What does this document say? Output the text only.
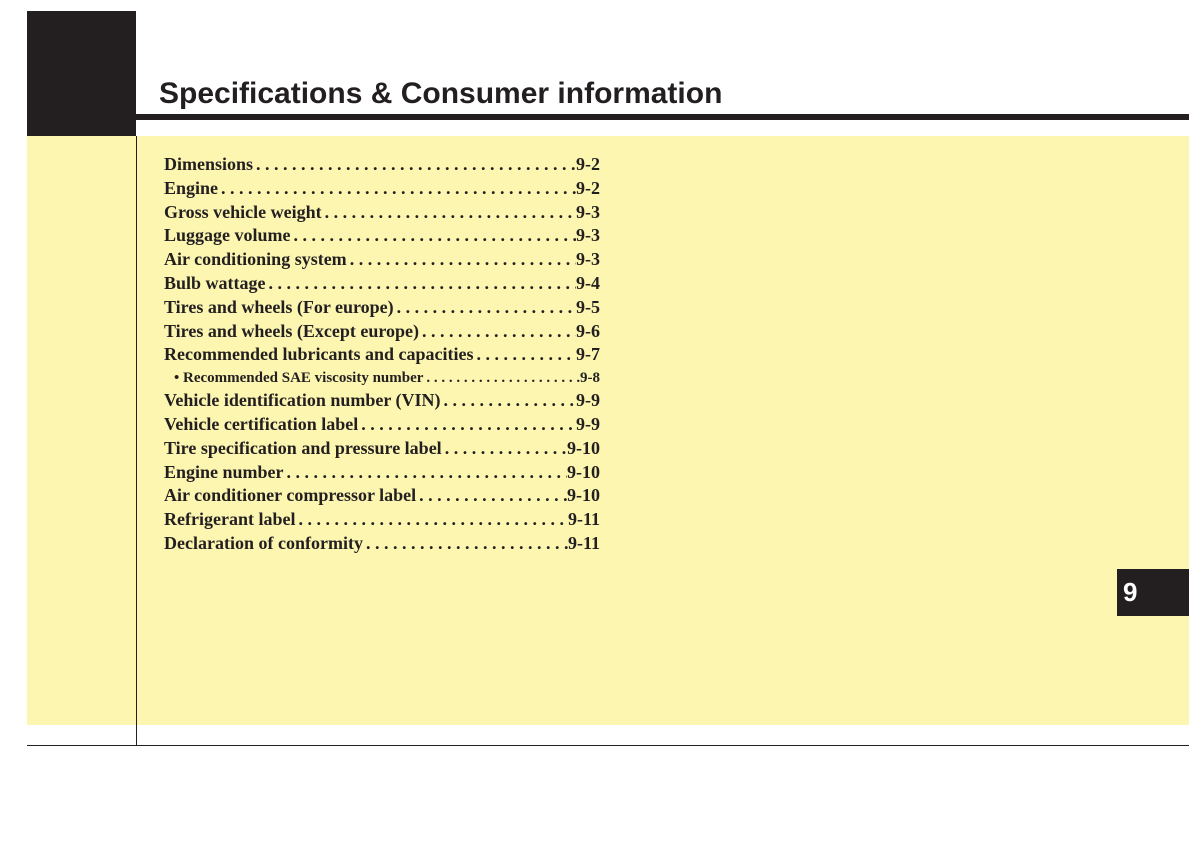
Specifications & Consumer information
9
Dimensions . . .	9-2
Engine . . .	9-2
Gross vehicle weight . . .	9-3
Luggage volume . . .	9-3
Air conditioning system . . .	9-3
Bulb wattage . . .	9-4
Tires and wheels (For europe) . . .	9-5
Tires and wheels (Except europe) . . .	9-6
Recommended lubricants and capacities . . .	9-7
• Recommended SAE viscosity number . . .	9-8
Vehicle identification number (VIN) . . .	9-9
Vehicle certification label . . .	9-9
Tire specification and pressure label . . .	9-10
Engine number . . .	9-10
Air conditioner compressor label . . .	9-10
Refrigerant label . . .	9-11
Declaration of conformity . . .	9-11
